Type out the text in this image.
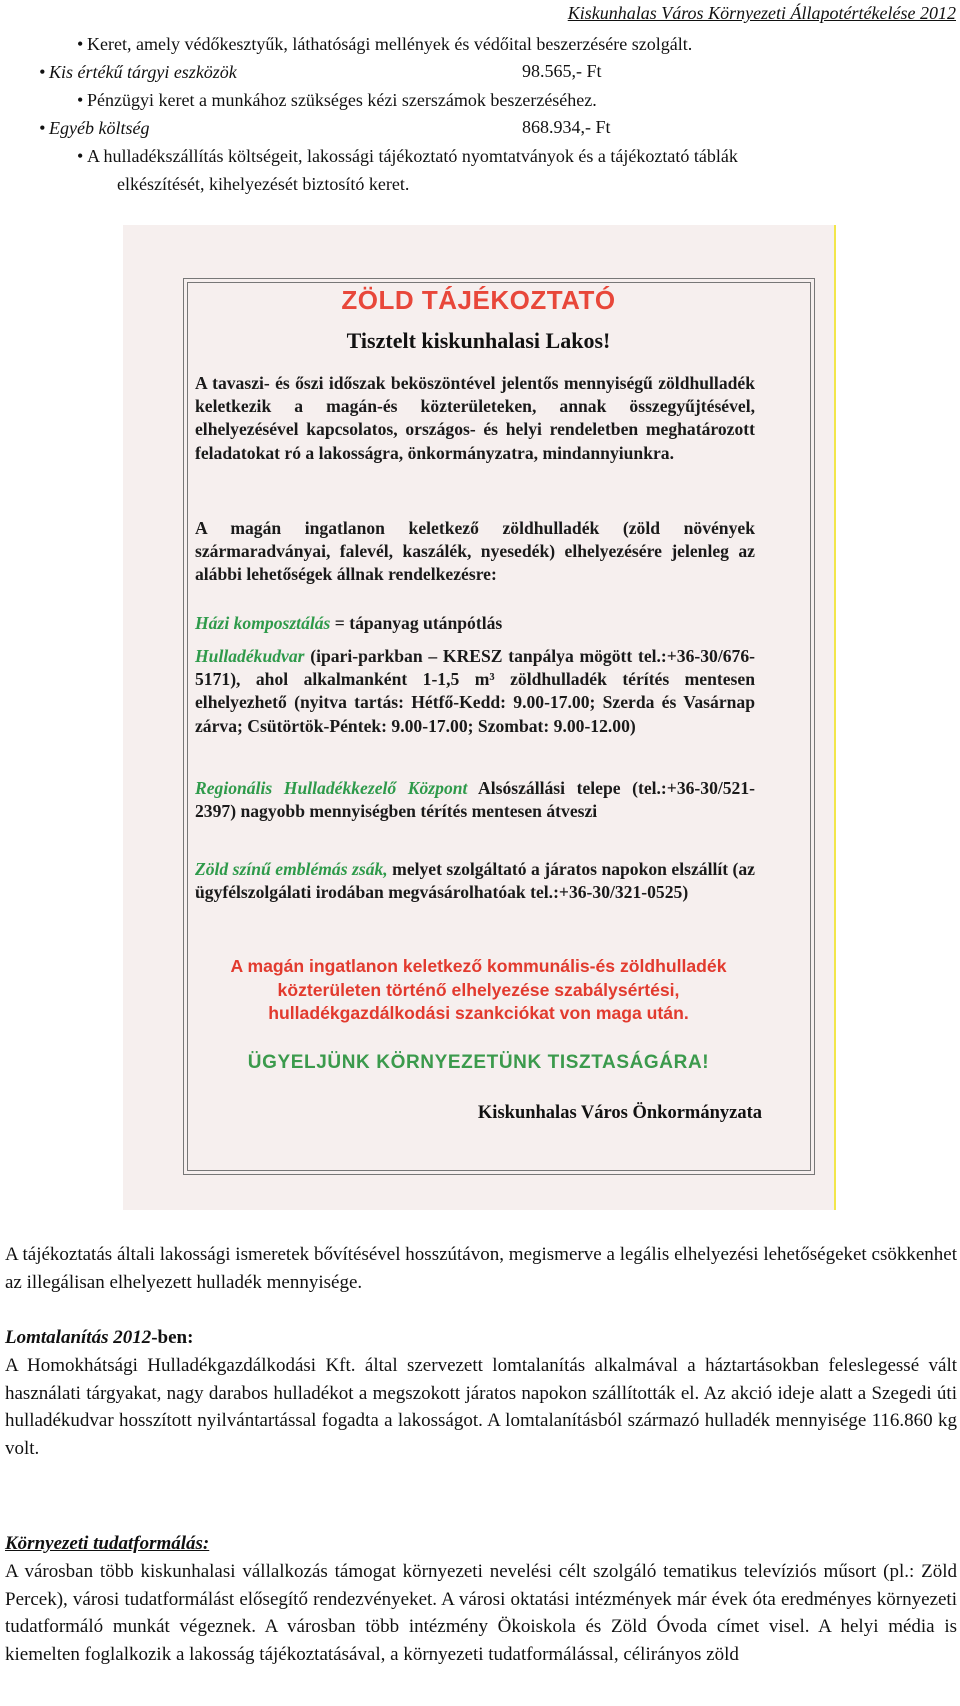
Kiskunhalas Város Környezeti Állapotértékelése 2012
• Keret, amely védőkesztyűk, láthatósági mellények és védőital beszerzésére szolgált.
• Kis értékű tárgyi eszközök	98.565,- Ft
• Pénzügyi keret a munkához szükséges kézi szerszámok beszerzéséhez.
• Egyéb költség	868.934,- Ft
• A hulladékszállítás költségeit, lakossági tájékoztató nyomtatványok és a tájékoztató táblák
elkészítését, kihelyezését biztosító keret.
ZÖLD TÁJÉKOZTATÓ
Tisztelt kiskunhalasi Lakos!
A tavaszi- és őszi időszak beköszöntével jelentős mennyiségű zöldhulladék keletkezik a magán-és közterületeken, annak összegyűjtésével, elhelyezésével kapcsolatos, országos- és helyi rendeletben meghatározott feladatokat ró a lakosságra, önkormányzatra, mindannyiunkra.
A magán ingatlanon keletkező zöldhulladék (zöld növények szármaradványai, falevél, kaszálék, nyesedék) elhelyezésére jelenleg az alábbi lehetőségek állnak rendelkezésre:
Házi komposztálás = tápanyag utánpótlás
Hulladékudvar (ipari-parkban – KRESZ tanpálya mögött tel.:+36-30/676-5171), ahol alkalmanként 1-1,5 m³ zöldhulladék térítés mentesen elhelyezhető (nyitva tartás: Hétfő-Kedd: 9.00-17.00; Szerda és Vasárnap zárva; Csütörtök-Péntek: 9.00-17.00; Szombat: 9.00-12.00)
Regionális Hulladékkezelő Központ Alsószállási telepe (tel.:+36-30/521-2397) nagyobb mennyiségben térítés mentesen átveszi
Zöld színű emblémás zsák, melyet szolgáltató a járatos napokon elszállít (az ügyfélszolgálati irodában megvásárolhatóak tel.:+36-30/321-0525)
A magán ingatlanon keletkező kommunális-és zöldhulladék
közterületen történő elhelyezése szabálysértési,
hulladékgazdálkodási szankciókat von maga után.
ÜGYELJÜNK KÖRNYEZETÜNK TISZTASÁGÁRA!
Kiskunhalas Város Önkormányzata
A tájékoztatás általi lakossági ismeretek bővítésével hosszútávon, megismerve a legális elhelyezési lehetőségeket csökkenhet az illegálisan elhelyezett hulladék mennyisége.
Lomtalanítás 2012-ben:
A Homokhátsági Hulladékgazdálkodási Kft. által szervezett lomtalanítás alkalmával a háztartásokban feleslegessé vált használati tárgyakat, nagy darabos hulladékot a megszokott járatos napokon szállították el. Az akció ideje alatt a Szegedi úti hulladékudvar hosszított nyilvántartással fogadta a lakosságot. A lomtalanításból származó hulladék mennyisége 116.860 kg volt.
Környezeti tudatformálás:
A városban több kiskunhalasi vállalkozás támogat környezeti nevelési célt szolgáló tematikus televíziós műsort (pl.: Zöld Percek), városi tudatformálást elősegítő rendezvényeket. A városi oktatási intézmények már évek óta eredményes környezeti tudatformáló munkát végeznek. A városban több intézmény Ökoiskola és Zöld Óvoda címet visel. A helyi média is kiemelten foglalkozik a lakosság tájékoztatásával, a környezeti tudatformálással, célirányos zöld
